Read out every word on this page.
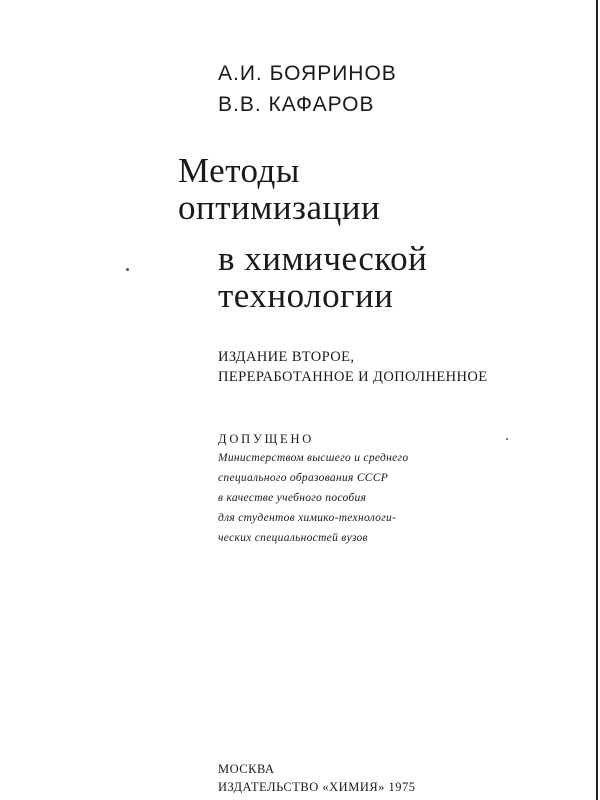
А.И. БОЯРИНОВ
В.В. КАФАРОВ
Методы
оптимизации
в химической
технологии
ИЗДАНИЕ ВТОРОЕ,
ПЕРЕРАБОТАННОЕ И ДОПОЛНЕННОЕ
ДОПУЩЕНО
Министерством высшего и среднего
специального образования СССР
в качестве учебного пособия
для студентов химико-технологи-
ческих специальностей вузов
МОСКВА
ИЗДАТЕЛЬСТВО «ХИМИЯ» 1975
